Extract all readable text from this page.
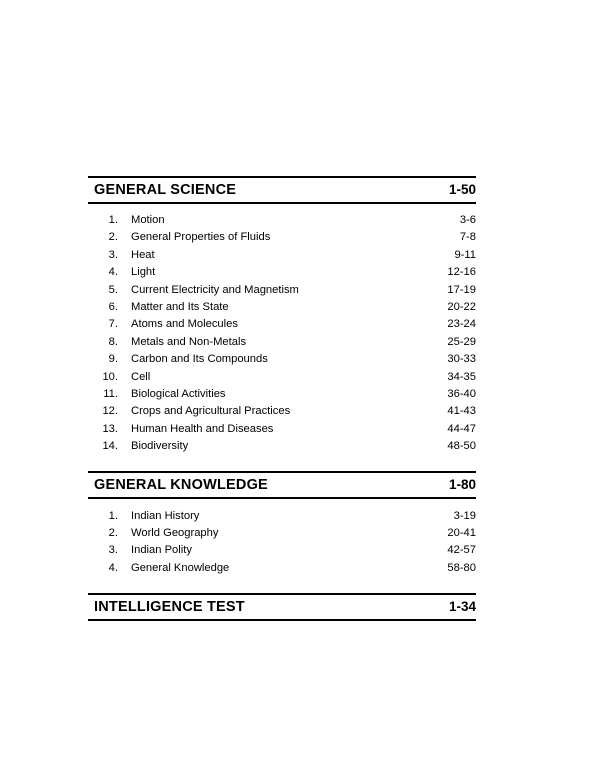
GENERAL SCIENCE	1-50
1.	Motion	3-6
2.	General Properties of Fluids	7-8
3.	Heat	9-11
4.	Light	12-16
5.	Current Electricity and Magnetism	17-19
6.	Matter and Its State	20-22
7.	Atoms and Molecules	23-24
8.	Metals and Non-Metals	25-29
9.	Carbon and Its Compounds	30-33
10.	Cell	34-35
11.	Biological Activities	36-40
12.	Crops and Agricultural Practices	41-43
13.	Human Health and Diseases	44-47
14.	Biodiversity	48-50
GENERAL KNOWLEDGE	1-80
1.	Indian History	3-19
2.	World Geography	20-41
3.	Indian Polity	42-57
4.	General Knowledge	58-80
INTELLIGENCE TEST	1-34
